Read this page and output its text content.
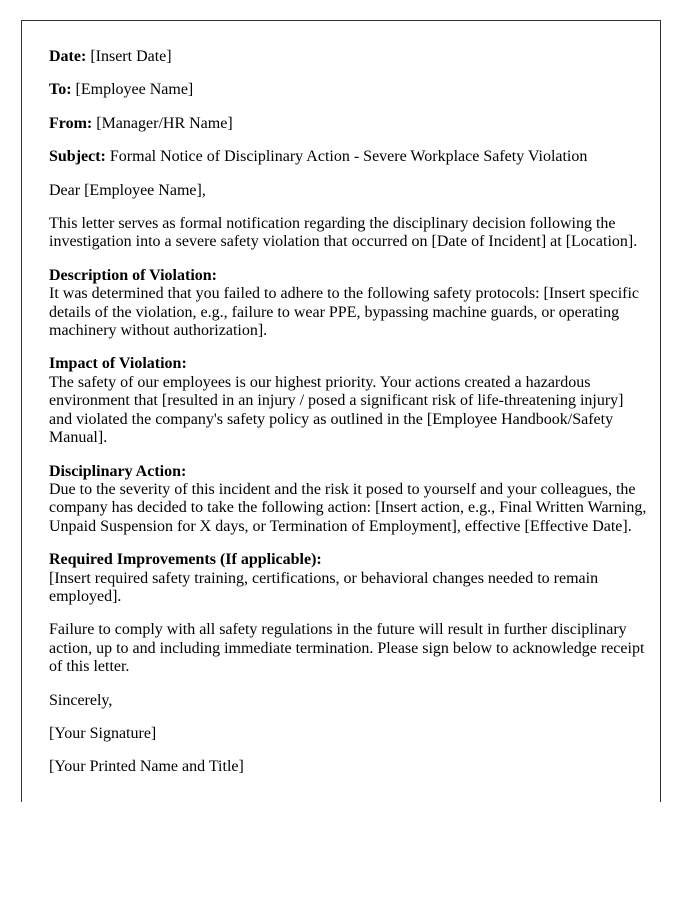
Date: [Insert Date]

To: [Employee Name]

From: [Manager/HR Name]

Subject: Formal Notice of Disciplinary Action - Severe Workplace Safety Violation

Dear [Employee Name],

This letter serves as formal notification regarding the disciplinary decision following the investigation into a severe safety violation that occurred on [Date of Incident] at [Location].

Description of Violation:
It was determined that you failed to adhere to the following safety protocols: [Insert specific details of the violation, e.g., failure to wear PPE, bypassing machine guards, or operating machinery without authorization].

Impact of Violation:
The safety of our employees is our highest priority. Your actions created a hazardous environment that [resulted in an injury / posed a significant risk of life-threatening injury] and violated the company's safety policy as outlined in the [Employee Handbook/Safety Manual].

Disciplinary Action:
Due to the severity of this incident and the risk it posed to yourself and your colleagues, the company has decided to take the following action: [Insert action, e.g., Final Written Warning, Unpaid Suspension for X days, or Termination of Employment], effective [Effective Date].

Required Improvements (If applicable):
[Insert required safety training, certifications, or behavioral changes needed to remain employed].

Failure to comply with all safety regulations in the future will result in further disciplinary action, up to and including immediate termination. Please sign below to acknowledge receipt of this letter.

Sincerely,

[Your Signature]

[Your Printed Name and Title]
